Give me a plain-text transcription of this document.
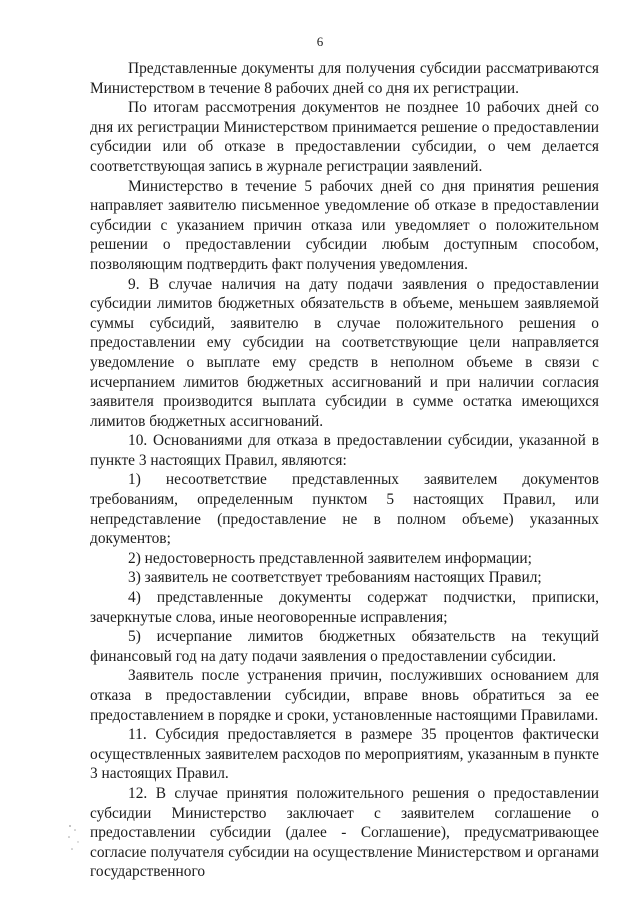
6

Представленные документы для получения субсидии рассматриваются Министерством в течение 8 рабочих дней со дня их регистрации.

По итогам рассмотрения документов не позднее 10 рабочих дней со дня их регистрации Министерством принимается решение о предоставлении субсидии или об отказе в предоставлении субсидии, о чем делается соответствующая запись в журнале регистрации заявлений.

Министерство в течение 5 рабочих дней со дня принятия решения направляет заявителю письменное уведомление об отказе в предоставлении субсидии с указанием причин отказа или уведомляет о положительном решении о предоставлении субсидии любым доступным способом, позволяющим подтвердить факт получения уведомления.

9. В случае наличия на дату подачи заявления о предоставлении субсидии лимитов бюджетных обязательств в объеме, меньшем заявляемой суммы субсидий, заявителю в случае положительного решения о предоставлении ему субсидии на соответствующие цели направляется уведомление о выплате ему средств в неполном объеме в связи с исчерпанием лимитов бюджетных ассигнований и при наличии согласия заявителя производится выплата субсидии в сумме остатка имеющихся лимитов бюджетных ассигнований.

10. Основаниями для отказа в предоставлении субсидии, указанной в пункте 3 настоящих Правил, являются:

1) несоответствие представленных заявителем документов требованиям, определенным пунктом 5 настоящих Правил, или непредставление (предоставление не в полном объеме) указанных документов;

2) недостоверность представленной заявителем информации;

3) заявитель не соответствует требованиям настоящих Правил;

4) представленные документы содержат подчистки, приписки, зачеркнутые слова, иные неоговоренные исправления;

5) исчерпание лимитов бюджетных обязательств на текущий финансовый год на дату подачи заявления о предоставлении субсидии.

Заявитель после устранения причин, послуживших основанием для отказа в предоставлении субсидии, вправе вновь обратиться за ее предоставлением в порядке и сроки, установленные настоящими Правилами.

11. Субсидия предоставляется в размере 35 процентов фактически осуществленных заявителем расходов по мероприятиям, указанным в пункте 3 настоящих Правил.

12. В случае принятия положительного решения о предоставлении субсидии Министерство заключает с заявителем соглашение о предоставлении субсидии (далее - Соглашение), предусматривающее согласие получателя субсидии на осуществление Министерством и органами государственного
